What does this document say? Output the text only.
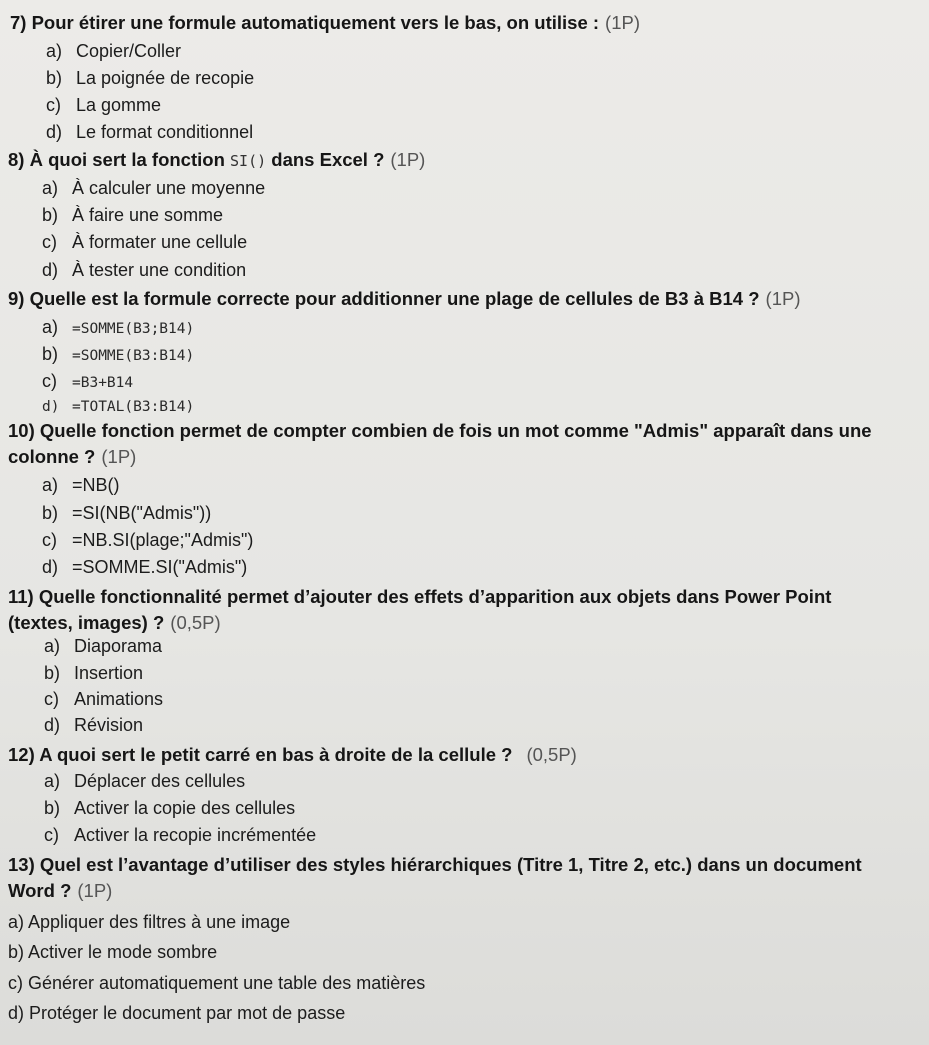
7) Pour étirer une formule automatiquement vers le bas, on utilise : (1P)
a) Copier/Coller
b) La poignée de recopie
c) La gomme
d) Le format conditionnel
8) À quoi sert la fonction SI() dans Excel ? (1P)
a) À calculer une moyenne
b) À faire une somme
c) À formater une cellule
d) À tester une condition
9) Quelle est la formule correcte pour additionner une plage de cellules de B3 à B14 ? (1P)
a) =SOMME(B3;B14)
b) =SOMME(B3:B14)
c) =B3+B14
d) =TOTAL(B3:B14)
10) Quelle fonction permet de compter combien de fois un mot comme "Admis" apparaît dans une
colonne ? (1P)
a) =NB()
b) =SI(NB("Admis"))
c) =NB.SI(plage;"Admis")
d) =SOMME.SI("Admis")
11) Quelle fonctionnalité permet d’ajouter des effets d’apparition aux objets dans Power Point
(textes, images) ? (0,5P)
a) Diaporama
b) Insertion
c) Animations
d) Révision
12) A quoi sert le petit carré en bas à droite de la cellule ? (0,5P)
a) Déplacer des cellules
b) Activer la copie des cellules
c) Activer la recopie incrémentée
13) Quel est l’avantage d’utiliser des styles hiérarchiques (Titre 1, Titre 2, etc.) dans un document
Word ? (1P)
a) Appliquer des filtres à une image
b) Activer le mode sombre
c) Générer automatiquement une table des matières
d) Protéger le document par mot de passe
